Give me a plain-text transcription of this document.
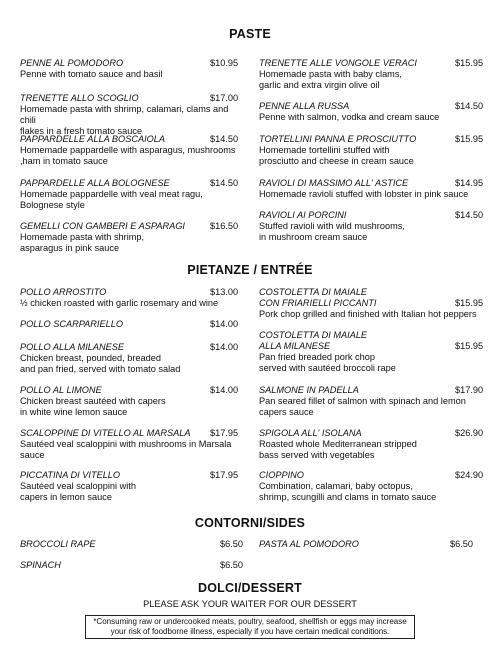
PASTE
PENNE AL POMODORO	$10.95
Penne with tomato sauce and basil
TRENETTE ALLO SCOGLIO	$17.00
Homemade pasta with shrimp, calamari, clams and chili
flakes in a fresh tomato sauce
PAPPARDELLE ALLA BOSCAIOLA	$14.50
Homemade pappardelle with asparagus, mushrooms
,ham in tomato sauce
PAPPARDELLE ALLA BOLOGNESE	$14.50
Homemade pappardelle with veal meat ragu,
Bolognese style
GEMELLI CON GAMBERI E ASPARAGI	$16.50
Homemade pasta with shrimp,
asparagus in pink sauce
TRENETTE ALLE VONGOLE VERACI	$15.95
Homemade pasta with baby clams,
garlic and extra virgin olive oil
PENNE ALLA RUSSA	$14.50
Penne with salmon, vodka and cream sauce
TORTELLINI PANNA E PROSCIUTTO	$15.95
Homemade tortellini stuffed with
prosciutto and cheese in cream sauce
RAVIOLI DI MASSIMO ALL' ASTICE	$14.95
Homemade ravioli stuffed with lobster in pink sauce
RAVIOLI AI PORCINI	$14.50
Stuffed ravioli with wild mushrooms,
in mushroom cream sauce
PIETANZE / ENTRÉE
POLLO ARROSTITO	$13.00
½ chicken roasted with garlic rosemary and wine
POLLO SCARPARIELLO	$14.00
POLLO ALLA MILANESE	$14.00
Chicken breast, pounded, breaded
and pan fried, served with tomato salad
POLLO AL LIMONE	$14.00
Chicken breast sautéed with capers
in white wine lemon sauce
SCALOPPINE DI VITELLO AL MARSALA $17.95
Sautéed veal scaloppini with mushrooms in Marsala
sauce
PICCATINA DI VITELLO	$17.95
Sautéed veal scaloppini with
capers in lemon sauce
COSTOLETTA DI MAIALE
CON FRIARIELLI PICCANTI	$15.95
Pork chop grilled and finished with Italian hot peppers
COSTOLETTA DI MAIALE
ALLA MILANESE	$15.95
Pan fried breaded pork chop
served with sautéed broccoli rape
SALMONE IN PADELLA	$17.90
Pan seared fillet of salmon with spinach and lemon
capers sauce
SPIGOLA ALL' ISOLANA	$26.90
Roasted whole Mediterranean stripped
bass served with vegetables
CIOPPINO	$24.90
Combination, calamari, baby octopus,
shrimp, scungilli and clams in tomato sauce
CONTORNI/SIDES
BROCCOLI RAPE	$6.50 PASTA AL POMODORO	$6.50
SPINACH	$6.50
DOLCI/DESSERT
PLEASE ASK YOUR WAITER FOR OUR DESSERT
*Consuming raw or undercooked meats, poultry, seafood, shellfish or eggs may increase
your risk of foodborne illness, especially if you have certain medical conditions.
